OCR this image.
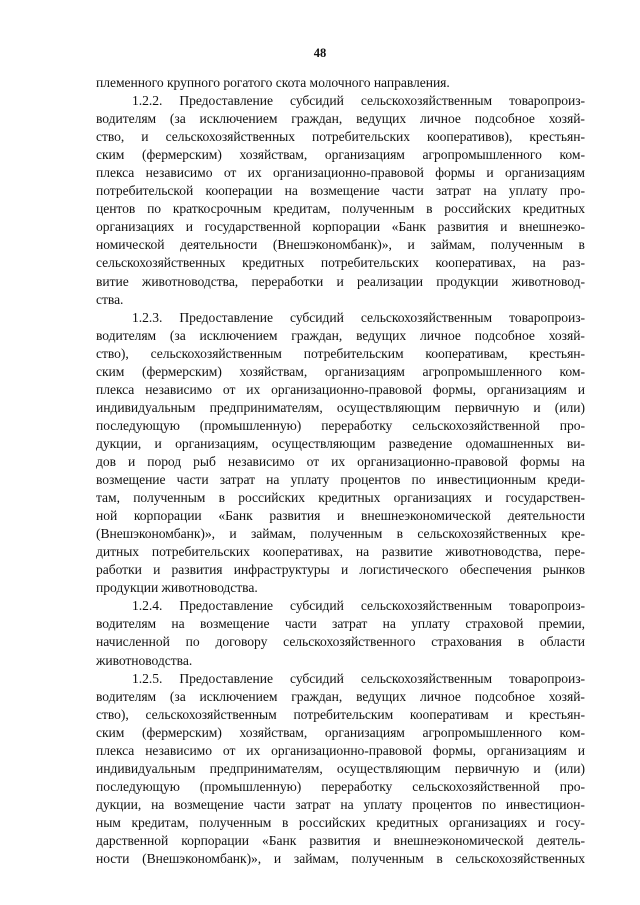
48
племенного крупного рогатого скота молочного направления.
1.2.2. Предоставление субсидий сельскохозяйственным товаропроиз-
водителям (за исключением граждан, ведущих личное подсобное хозяй-
ство, и сельскохозяйственных потребительских кооперативов), крестьян-
ским (фермерским) хозяйствам, организациям агропромышленного ком-
плекса независимо от их организационно-правовой формы и организациям
потребительской кооперации на возмещение части затрат на уплату про-
центов по краткосрочным кредитам, полученным в российских кредитных
организациях и государственной корпорации «Банк развития и внешнеэко-
номической деятельности (Внешэкономбанк)», и займам, полученным в
сельскохозяйственных кредитных потребительских кооперативах, на раз-
витие животноводства, переработки и реализации продукции животновод-
ства.
1.2.3. Предоставление субсидий сельскохозяйственным товаропроиз-
водителям (за исключением граждан, ведущих личное подсобное хозяй-
ство), сельскохозяйственным потребительским кооперативам, крестьян-
ским (фермерским) хозяйствам, организациям агропромышленного ком-
плекса независимо от их организационно-правовой формы, организациям и
индивидуальным предпринимателям, осуществляющим первичную и (или)
последующую (промышленную) переработку сельскохозяйственной про-
дукции, и организациям, осуществляющим разведение одомашненных ви-
дов и пород рыб независимо от их организационно-правовой формы на
возмещение части затрат на уплату процентов по инвестиционным креди-
там, полученным в российских кредитных организациях и государствен-
ной корпорации «Банк развития и внешнеэкономической деятельности
(Внешэкономбанк)», и займам, полученным в сельскохозяйственных кре-
дитных потребительских кооперативах, на развитие животноводства, пере-
работки и развития инфраструктуры и логистического обеспечения рынков
продукции животноводства.
1.2.4. Предоставление субсидий сельскохозяйственным товаропроиз-
водителям на возмещение части затрат на уплату страховой премии,
начисленной по договору сельскохозяйственного страхования в области
животноводства.
1.2.5. Предоставление субсидий сельскохозяйственным товаропроиз-
водителям (за исключением граждан, ведущих личное подсобное хозяй-
ство), сельскохозяйственным потребительским кооперативам и крестьян-
ским (фермерским) хозяйствам, организациям агропромышленного ком-
плекса независимо от их организационно-правовой формы, организациям и
индивидуальным предпринимателям, осуществляющим первичную и (или)
последующую (промышленную) переработку сельскохозяйственной про-
дукции, на возмещение части затрат на уплату процентов по инвестицион-
ным кредитам, полученным в российских кредитных организациях и госу-
дарственной корпорации «Банк развития и внешнеэкономической деятель-
ности (Внешэкономбанк)», и займам, полученным в сельскохозяйственных
